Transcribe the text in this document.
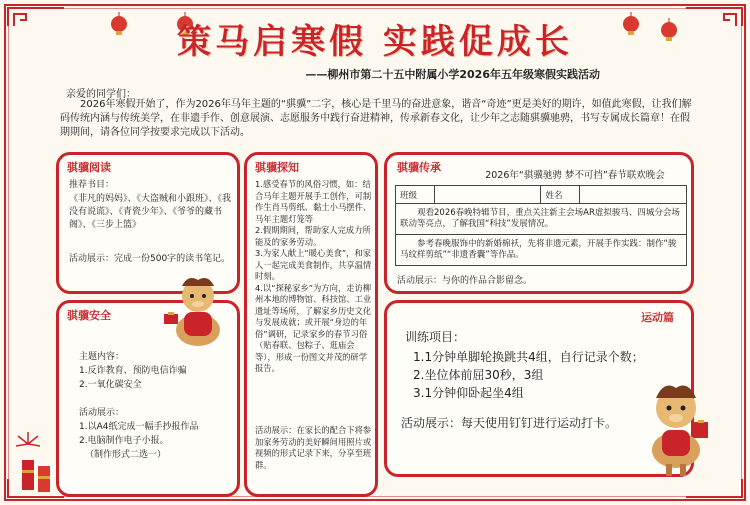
策马启寒假 实践促成长
——柳州市第二十五中附属小学2026年五年级寒假实践活动
亲爱的同学们：
2026年寒假开始了，作为2026年马年主题的“骐骥”二字，核心是千里马的奋进意象，谐音“奇迹”更是美好的期许，如值此寒假，让我们解码传统内涵与传统美学，在非遗手作、创意展演、志愿服务中践行奋进精神，传承新春文化，让少年之志随骐骥驰骋，书写专属成长篇章！在假期期间，请各位同学按要求完成以下活动。
骐骥阅读
推荐书目：
《非凡的妈妈》、《大盗贼和小跟班》、《我没有说谎》、《青瓷少年》、《爷爷的藏书阁》、《三步上篮》
活动展示：完成一份500字的读书笔记。
骐骥探知
1.感受春节的风俗习惯，如：结合马年主题开展手工创作，可制作生肖马剪纸、黏土小马摆件、马年主题灯笼等
2.假期期间，帮助家人完成力所能及的家务劳动。
3.为家人献上“暖心美食”，和家人一起完成美食制作，共享温情时刻。
4.以“探秘家乡”为方向，走访柳州本地的博物馆、科技馆、工业遗址等场所，了解家乡历史文化与发展成就；或开展“身边的年俗”调研，记录家乡的春节习俗（贴春联、包粽子、逛庙会等），形成一份图文并茂的研学报告。
活动展示：在家长的配合下将参加家务劳动的美好瞬间用照片或视频的形式记录下来，分享至班群。
骐骥传承
2026年“骐骥驰骋 梦不可挡”春节联欢晚会
班级		姓名	
观看2026春晚特辑节目，重点关注新主会场AR虚拟骏马、四城分会场联动等亮点，了解我国“科技”发展情况。
参考春晚服饰中的新婚棉袄，先将非遗元素，开展手作实践：制作“骏马纹样剪纸”“非遗香囊”等作品。
活动展示：与你的作品合影留念。
骐骥安全
主题内容：
1.反诈教育、预防电信诈骗
2.一氧化碳安全
活动展示：
1.以A4纸完成一幅手抄报作品
2.电脑制作电子小报。
（制作形式二选一）
运动篇
训练项目：
1.1分钟单脚轮换跳共4组，自行记录个数；
2.坐位体前屈30秒，3组
3.1分钟仰卧起坐4组
活动展示：每天使用钉钉进行运动打卡。
